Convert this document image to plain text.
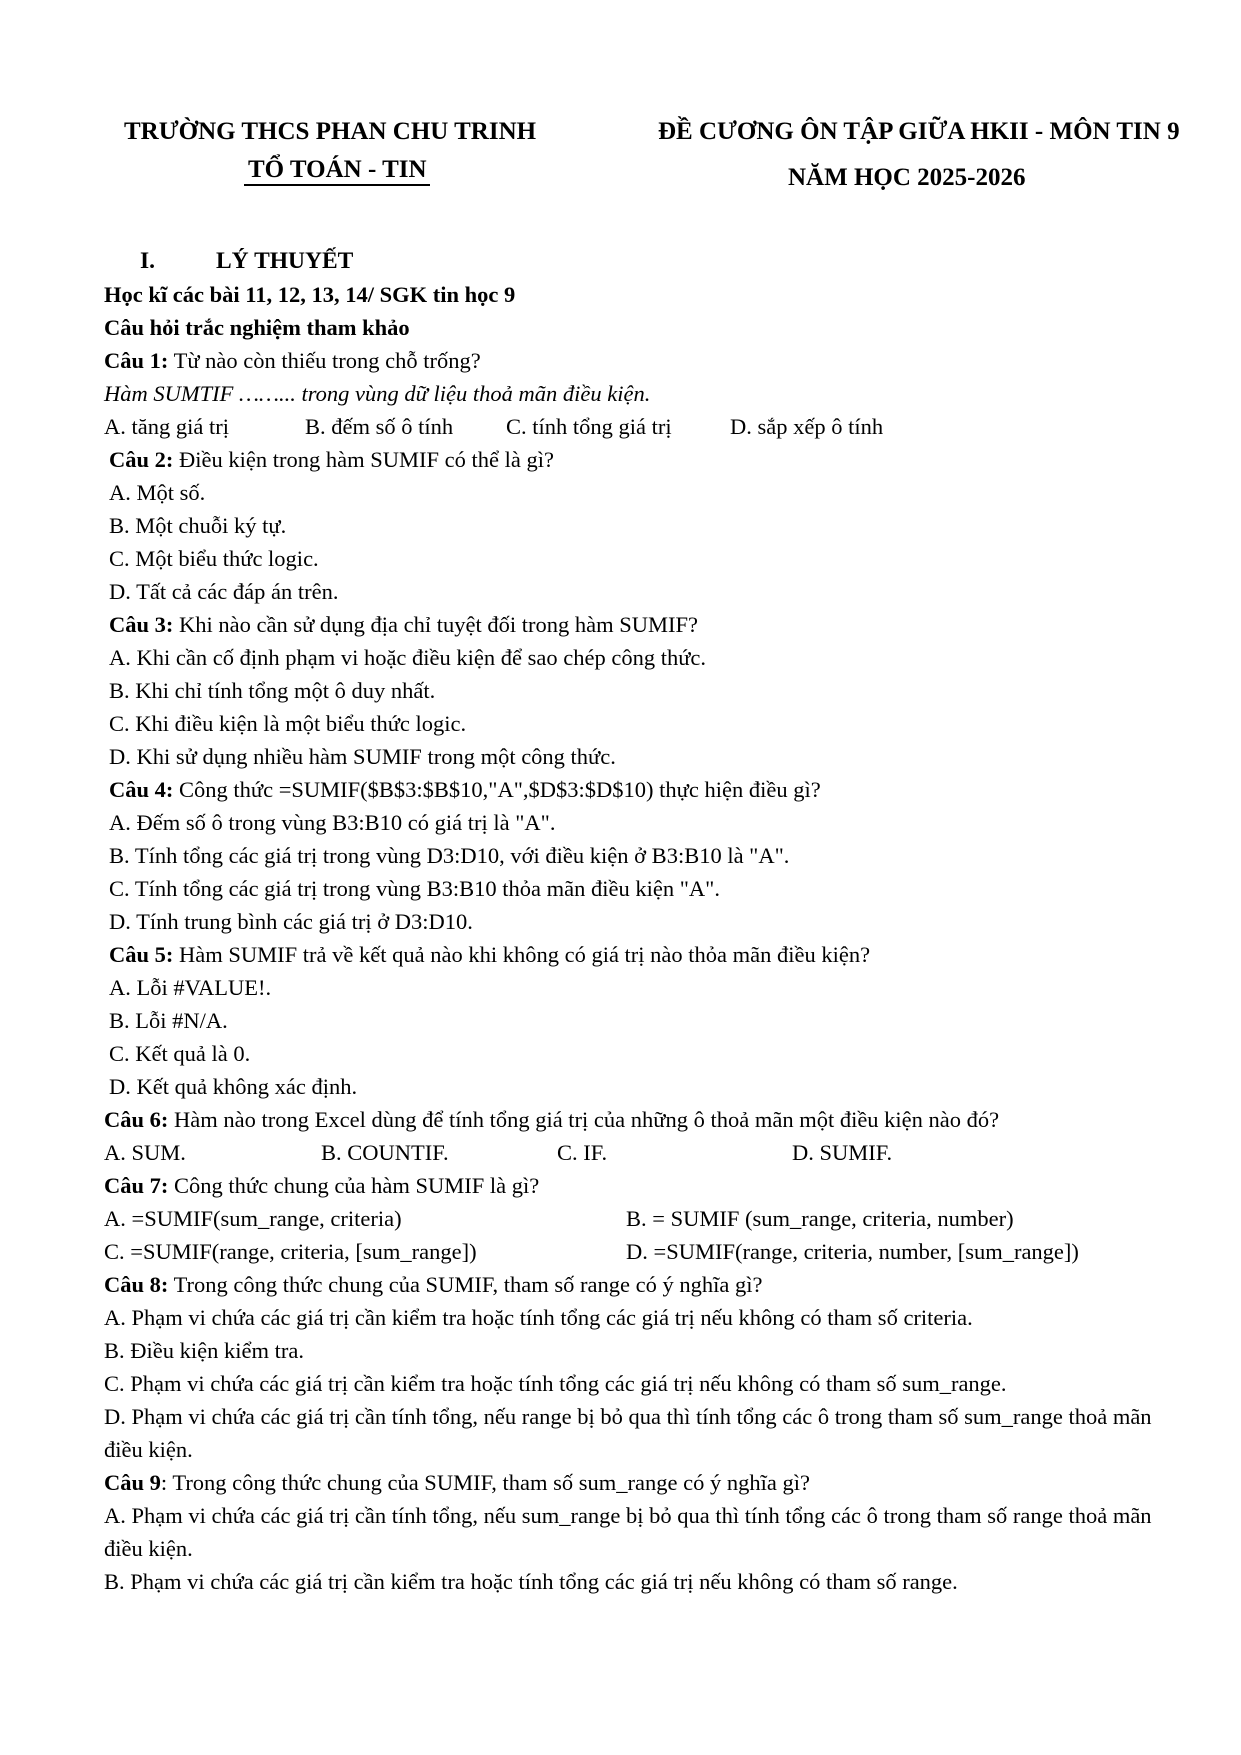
TRƯỜNG THCS PHAN CHU TRINH
TỔ TOÁN - TIN
ĐỀ CƯƠNG ÔN TẬP GIỮA HKII - MÔN TIN 9
NĂM HỌC 2025-2026
I.	LÝ THUYẾT
Học kĩ các bài 11, 12, 13, 14/ SGK tin học 9
Câu hỏi trắc nghiệm tham khảo
Câu 1: Từ nào còn thiếu trong chỗ trống?
Hàm SUMTIF ……... trong vùng dữ liệu thoả mãn điều kiện.
A. tăng giá trị	B. đếm số ô tính	C. tính tổng giá trị	D. sắp xếp ô tính
Câu 2: Điều kiện trong hàm SUMIF có thể là gì?
A. Một số.
B. Một chuỗi ký tự.
C. Một biểu thức logic.
D. Tất cả các đáp án trên.
Câu 3: Khi nào cần sử dụng địa chỉ tuyệt đối trong hàm SUMIF?
A. Khi cần cố định phạm vi hoặc điều kiện để sao chép công thức.
B. Khi chỉ tính tổng một ô duy nhất.
C. Khi điều kiện là một biểu thức logic.
D. Khi sử dụng nhiều hàm SUMIF trong một công thức.
Câu 4: Công thức =SUMIF($B$3:$B$10,"A",$D$3:$D$10) thực hiện điều gì?
A. Đếm số ô trong vùng B3:B10 có giá trị là "A".
B. Tính tổng các giá trị trong vùng D3:D10, với điều kiện ở B3:B10 là "A".
C. Tính tổng các giá trị trong vùng B3:B10 thỏa mãn điều kiện "A".
D. Tính trung bình các giá trị ở D3:D10.
Câu 5: Hàm SUMIF trả về kết quả nào khi không có giá trị nào thỏa mãn điều kiện?
A. Lỗi #VALUE!.
B. Lỗi #N/A.
C. Kết quả là 0.
D. Kết quả không xác định.
Câu 6: Hàm nào trong Excel dùng để tính tổng giá trị của những ô thoả mãn một điều kiện nào đó?
A. SUM.	B. COUNTIF.	C. IF.	D. SUMIF.
Câu 7: Công thức chung của hàm SUMIF là gì?
A. =SUMIF(sum_range, criteria)	B. = SUMIF (sum_range, criteria, number)
C. =SUMIF(range, criteria, [sum_range])	D. =SUMIF(range, criteria, number, [sum_range])
Câu 8: Trong công thức chung của SUMIF, tham số range có ý nghĩa gì?
A. Phạm vi chứa các giá trị cần kiểm tra hoặc tính tổng các giá trị nếu không có tham số criteria.
B. Điều kiện kiểm tra.
C. Phạm vi chứa các giá trị cần kiểm tra hoặc tính tổng các giá trị nếu không có tham số sum_range.
D. Phạm vi chứa các giá trị cần tính tổng, nếu range bị bỏ qua thì tính tổng các ô trong tham số sum_range thoả mãn điều kiện.
Câu 9: Trong công thức chung của SUMIF, tham số sum_range có ý nghĩa gì?
A. Phạm vi chứa các giá trị cần tính tổng, nếu sum_range bị bỏ qua thì tính tổng các ô trong tham số range thoả mãn điều kiện.
B. Phạm vi chứa các giá trị cần kiểm tra hoặc tính tổng các giá trị nếu không có tham số range.
